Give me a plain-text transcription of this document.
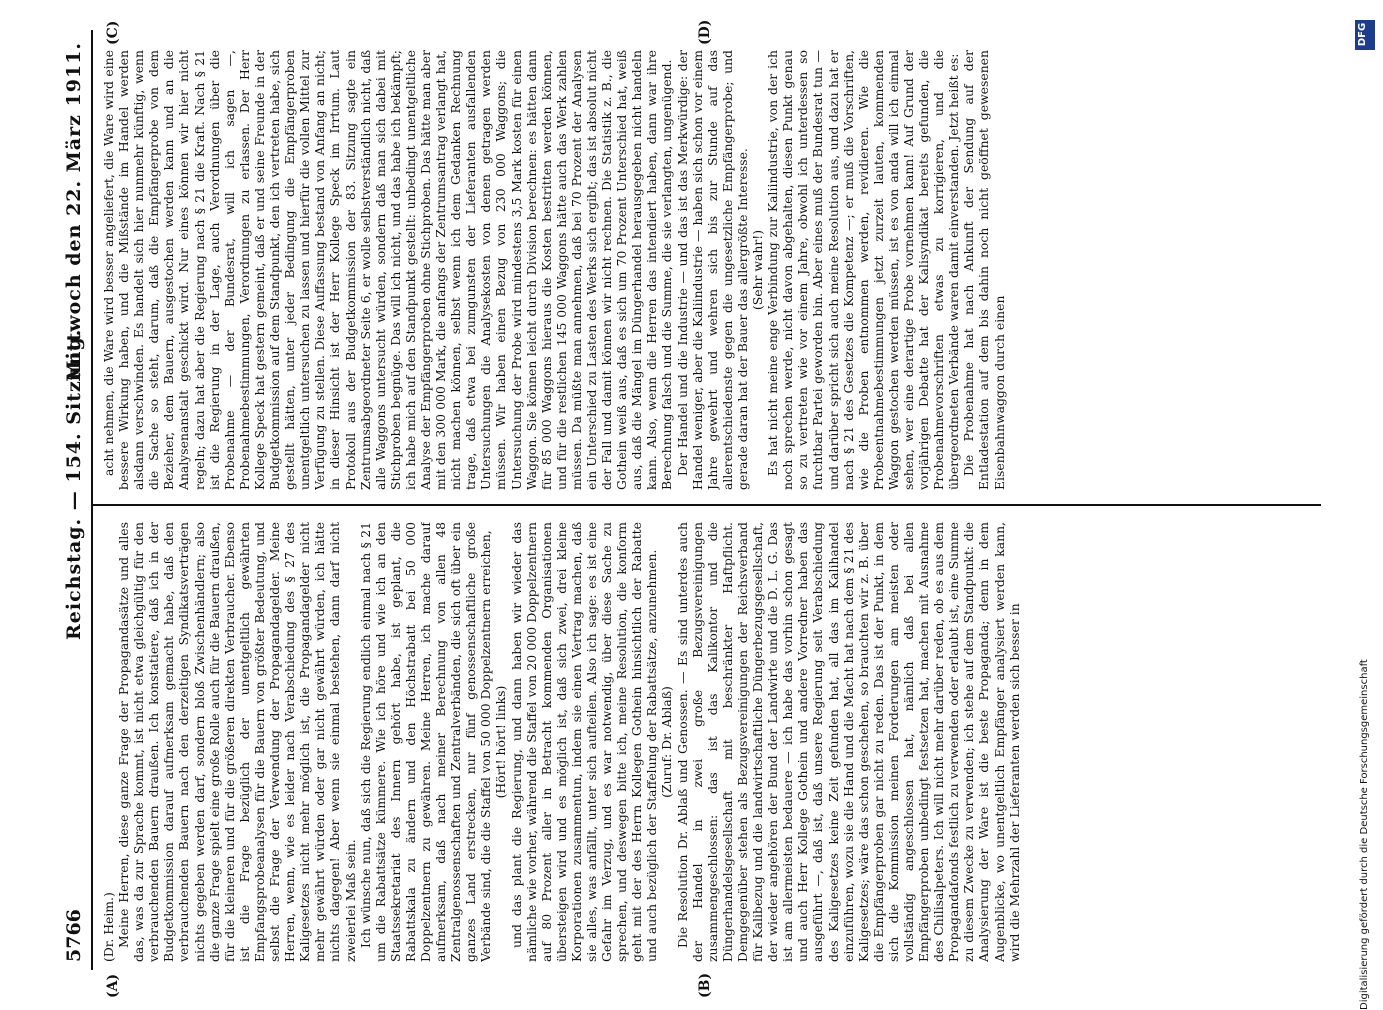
5766
Reichstag. — 154. Sitzung.
Mittwoch den 22. März 1911.
(A)	(B)
(C)	(D)

(Dr. Heim.) Meine Herren, diese ganze Frage der Propagandasätze und alles das, was da zur Sprache kommt, ist nicht etwa gleichgültig für den verbrauchenden Bauern draußen. Ich konstatiere, daß ich in der Budgetkommission darauf aufmerksam gemacht habe, daß den verbrauchenden Bauern nach den derzeitigen Syndikatsverträgen nichts gegeben werden darf, sondern bloß Zwischenhändlern; also die ganze Frage spielt eine große Rolle auch für die Bauern draußen, für die kleineren und für die größeren direkten Verbraucher. Ebenso ist die Frage bezüglich der unentgeltlich gewährten Empfangsprobeanalysen für die Bauern von größter Bedeutung, und selbst die Frage der Verwendung der Propagandagelder. Meine Herren, wenn, wie es leider nach Verabschiedung des § 27 des Kaligesetzes nicht mehr möglich ist, die Propagandagelder nicht mehr gewährt würden oder gar nicht gewährt würden, ich hätte nichts dagegen! Aber wenn sie einmal bestehen, dann darf nicht zweierlei Maß sein. Ich wünsche nun, daß sich die Regierung endlich einmal nach § 21 um die Rabattsätze kümmere. Wie ich höre und wie ich an den Staatssekretariat des Innern gehört habe, ist geplant, die Rabattskala zu ändern und den Höchstrabatt bei 50 000 Doppelzentnern zu gewähren. Meine Herren, ich mache darauf aufmerksam, daß nach meiner Berechnung von allen 48 Zentralgenossenschaften und Zentralverbänden, die sich oft über ein ganzes Land erstrecken, nur fünf genossenschaftliche große Verbände sind, die die Staffel von 50 000 Doppelzentnern erreichen, (Hört! hört! links) und das plant die Regierung, und dann haben wir wieder das nämliche wie vorher, während die Staffel von 20 000 Doppelzentnern auf 80 Prozent aller in Betracht kommenden Organisationen übersteigen wird und es möglich ist, daß sich zwei, drei kleine Korporationen zusammentun, indem sie einen Vertrag machen, daß sie alles, was anfällt, unter sich aufteilen. Also ich sage: es ist eine Gefahr im Verzug, und es war notwendig, über diese Sache zu sprechen, und deswegen bitte ich, meine Resolution, die konform geht mit der des Herrn Kollegen Gothein hinsichtlich der Rabatte und auch bezüglich der Staffelung der Rabattsätze, anzunehmen. (Zuruf: Dr. Ablaß) Die Resolution Dr. Ablaß und Genossen. — Es sind unterdes auch der Handel in zwei große Bezugsvereinigungen zusammengeschlossen: das ist das Kalikontor und die Düngerhandelsgesellschaft mit beschränkter Haftpflicht. Demgegenüber stehen als Bezugsvereinigungen der Reichsverband für Kalibezug und die landwirtschaftliche Düngerbezugsgesellschaft, der wieder angehören der Bund der Landwirte und die D. L. G. Das ist am allermeisten bedauere — ich habe das vorhin schon gesagt und auch Herr Kollege Gothein und andere Vorredner haben das ausgeführt —, daß ist, daß unsere Regierung seit Verabschiedung des Kaligesetzes keine Zeit gefunden hat, all das im Kalihandel einzuführen, wozu sie die Hand und die Macht hat nach dem § 21 des Kaligesetzes; wäre das schon geschehen, so brauchten wir z. B. über die Empfängerproben gar nicht zu reden. Das ist der Punkt, in dem sich die Kommission meinen Forderungen am meisten oder vollständig angeschlossen hat, nämlich daß bei allen Empfängerproben unbedingt festsetzen hat, machen mit Ausnahme des Chilisalpeters. Ich will nicht mehr darüber reden, ob es aus dem Propagandafonds festlich zu verwenden oder erlaubt ist, eine Summe zu diesem Zwecke zu verwenden; ich stehe auf dem Standpunkt: die Analysierung der Ware ist die beste Propaganda; denn in dem Augenblicke, wo unentgeltlich Empfänger analysiert werden kann, wird die Mehrzahl der Lieferanten werden sich besser in

acht nehmen, die Ware wird besser angeliefert, die Ware wird eine bessere Wirkung haben, und die Mißstände im Handel werden alsdann verschwinden. Es handelt sich hier nunmehr künftig, wenn die Sache so steht, darum, daß die Empfängerprobe von dem Bezieher, dem Bauern, ausgestochen werden kann und an die Analysenanstalt geschickt wird. Nur eines können wir hier nicht regeln; dazu hat aber die Regierung nach § 21 die Kraft. Nach § 21 ist die Regierung in der Lage, auch Verordnungen über die Probenahme — der Bundesrat, will ich sagen —, Probenahmebestimmungen, Verordnungen zu erlassen. Der Herr Kollege Speck hat gestern gemeint, daß er und seine Freunde in der Budgetkommission auf dem Standpunkt, den ich vertreten habe, sich gestellt hätten, unter jeder Bedingung die Empfängerproben unentgeltlich untersuchen zu lassen und hierfür die vollen Mittel zur Verfügung zu stellen. Diese Auffassung bestand von Anfang an nicht; in dieser Hinsicht ist der Herr Kollege Speck im Irrtum. Laut Protokoll aus der Budgetkommission der 83. Sitzung sagte ein Zentrumsabgeordneter Seite 6, er wolle selbstverständlich nicht, daß alle Waggons untersucht würden, sondern daß man sich dabei mit Stichproben begnüge. Das will ich nicht, und das habe ich bekämpft; ich habe mich auf den Standpunkt gestellt: unbedingt unentgeltliche Analyse der Empfängerproben ohne Stichproben. Das hätte man aber mit den 300 000 Mark, die anfangs der Zentrumsantrag verlangt hat, nicht machen können, selbst wenn ich dem Gedanken Rechnung trage, daß etwa bei zumgunsten der Lieferanten ausfallenden Untersuchungen die Analysekosten von denen getragen werden müssen. Wir haben einen Bezug von 230 000 Waggons; die Untersuchung der Probe wird mindestens 3,5 Mark kosten für einen Waggon. Sie können leicht durch Division berechnen: es hätten dann für 85 000 Waggons hieraus die Kosten bestritten werden können, und für die restlichen 145 000 Waggons hätte auch das Werk zahlen müssen. Da müßte man annehmen, daß bei 70 Prozent der Analysen ein Unterschied zu Lasten des Werks sich ergibt; das ist absolut nicht der Fall und damit können wir nicht rechnen. Die Statistik z. B., die Gothein weiß aus, daß es sich um 70 Prozent Unterschied hat, weiß aus, daß die Mängel im Düngerhandel herausgegeben nicht handeln kann. Also, wenn die Herren das intendiert haben, dann war ihre Berechnung falsch und die Summe, die sie verlangten, ungenügend. Der Handel und die Industrie — und das ist das Merkwürdige: der Handel weniger, aber die Kaliindustrie — haben sich schon vor einem Jahre gewehrt und wehren sich bis zur Stunde auf das allerentschiedenste gegen die ungesetzliche Empfängerprobe; und gerade daran hat der Bauer das allergrößte Interesse. (Sehr wahr!) Es hat nicht meine enge Verbindung zur Kaliindustrie, von der ich noch sprechen werde, nicht davon abgehalten, diesen Punkt genau so zu vertreten wie vor einem Jahre, obwohl ich unterdessen so furchtbar Partei geworden bin. Aber eines muß der Bundesrat tun — und darüber spricht sich auch meine Resolution aus, und dazu hat er nach § 21 des Gesetzes die Kompetenz —; er muß die Vorschriften, wie die Proben entnommen werden, revidieren. Wie die Probeentnahmebestimmungen jetzt zurzeit lauten, kommenden Waggon gestochen werden müssen, ist es von anda will ich einmal sehen, wer eine derartige Probe vornehmen kann! Auf Grund der vorjährigen Debatte hat der Kalisyndikat bereits gefunden, die Probenahmevorschriften etwas zu korrigieren, und die übergeordneten Verbände waren damit einverstanden. Jetzt heißt es: Die Probenahme hat nach Ankunft der Sendung auf der Entladestation auf dem bis dahin noch nicht geöffnet gewesenen Eisenbahnwaggon durch einen

DFG
Digitalisierung gefördert durch die Deutsche Forschungsgemeinschaft
